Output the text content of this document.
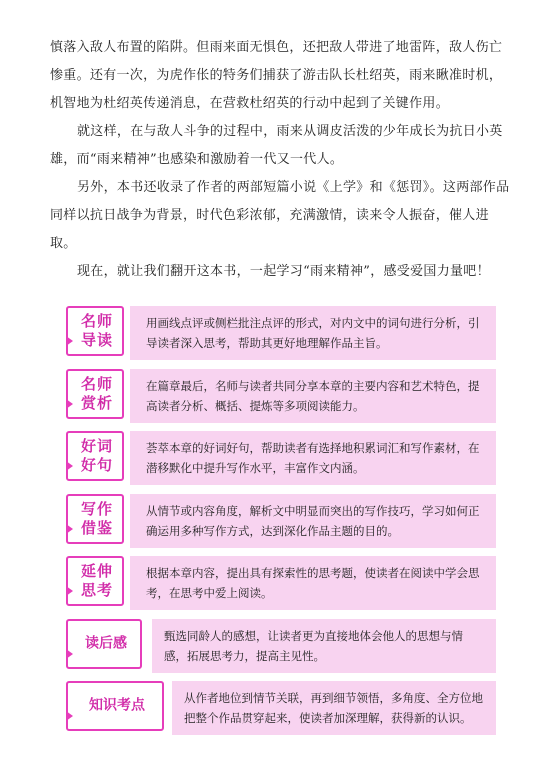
慎落入敌人布置的陷阱。但雨来面无惧色，还把敌人带进了地雷阵，敌人伤亡惨重。还有一次，为虎作伥的特务们捕获了游击队长杜绍英，雨来瞅准时机，机智地为杜绍英传递消息，在营救杜绍英的行动中起到了关键作用。

就这样，在与敌人斗争的过程中，雨来从调皮活泼的少年成长为抗日小英雄，而“雨来精神”也感染和激励着一代又一代人。

另外，本书还收录了作者的两部短篇小说《上学》和《惩罚》。这两部作品同样以抗日战争为背景，时代色彩浓郁，充满激情，读来令人振奋，催人进取。

现在，就让我们翻开这本书，一起学习“雨来精神”，感受爱国力量吧！

名师
导读
用画线点评或侧栏批注点评的形式，对内文中的词句进行分析，引导读者深入思考，帮助其更好地理解作品主旨。
名师
赏析
在篇章最后，名师与读者共同分享本章的主要内容和艺术特色，提高读者分析、概括、提炼等多项阅读能力。
好词
好句
荟萃本章的好词好句，帮助读者有选择地积累词汇和写作素材，在潜移默化中提升写作水平，丰富作文内涵。
写作
借鉴
从情节或内容角度，解析文中明显而突出的写作技巧，学习如何正确运用多种写作方式，达到深化作品主题的目的。
延伸
思考
根据本章内容，提出具有探索性的思考题，使读者在阅读中学会思考，在思考中爱上阅读。
读后感	甄选同龄人的感想，让读者更为直接地体会他人的思想与情感，拓展思考力，提高主见性。
知识考点	从作者地位到情节关联，再到细节领悟，多角度、全方位地把整个作品贯穿起来，使读者加深理解，获得新的认识。
